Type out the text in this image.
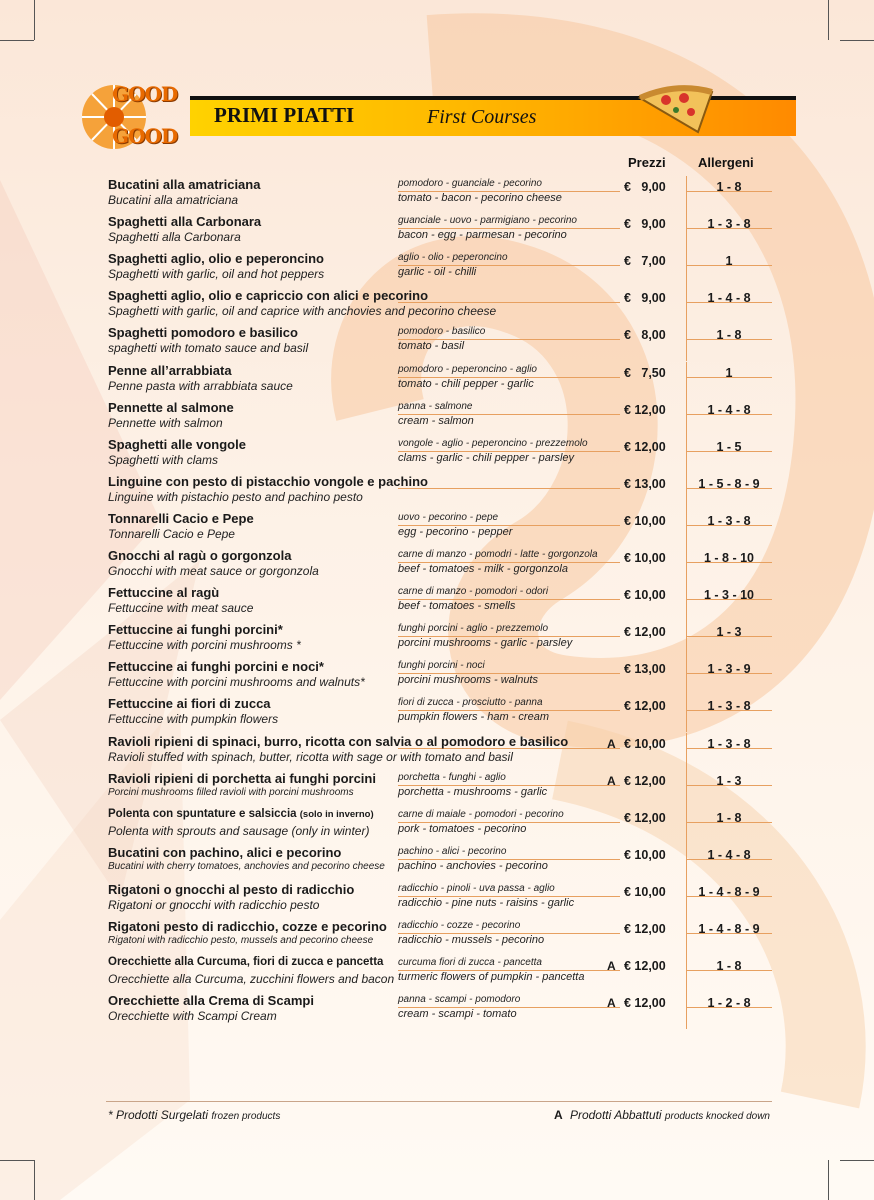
GOOD
GOOD
PRIMI PIATTI	First Courses
Prezzi Allergeni
Bucatini alla amatriciana
Bucatini alla amatriciana
pomodoro - guanciale - pecorino
tomato - bacon - pecorino cheese
€   9,00	1 - 8
Spaghetti alla Carbonara
Spaghetti alla Carbonara
guanciale - uovo - parmigiano - pecorino
bacon - egg - parmesan - pecorino
€   9,00	1 - 3 - 8
Spaghetti aglio, olio e peperoncino
Spaghetti with garlic, oil and hot peppers
aglio - olio - peperoncino
garlic - oil - chilli
€   7,00	1
Spaghetti aglio, olio e capriccio con alici e pecorino
Spaghetti with garlic, oil and caprice with anchovies and pecorino cheese
€   9,00	1 - 4 - 8
Spaghetti pomodoro e basilico
spaghetti with tomato sauce and basil
pomodoro - basilico
tomato - basil
€   8,00	1 - 8
Penne all’arrabbiata
Penne pasta with arrabbiata sauce
pomodoro - peperoncino - aglio
tomato - chili pepper - garlic
€   7,50	1
Pennette al salmone
Pennette with salmon
panna - salmone
cream - salmon
€ 12,00	1 - 4 - 8
Spaghetti alle vongole
Spaghetti with clams
vongole - aglio - peperoncino - prezzemolo
clams - garlic - chili pepper - parsley
€ 12,00	1 - 5
Linguine con pesto di pistacchio vongole e pachino
Linguine with pistachio pesto and pachino pesto
€ 13,00	1 - 5 - 8 - 9
Tonnarelli Cacio e Pepe
Tonnarelli Cacio e Pepe
uovo - pecorino - pepe
egg - pecorino - pepper
€ 10,00	1 - 3 - 8
Gnocchi al ragù o gorgonzola
Gnocchi with meat sauce or gorgonzola
carne di manzo - pomodri - latte - gorgonzola
beef - tomatoes - milk - gorgonzola
€ 10,00	1 - 8 - 10
Fettuccine al ragù
Fettuccine with meat sauce
carne di manzo - pomodori - odori
beef - tomatoes - smells
€ 10,00	1 - 3 - 10
Fettuccine ai funghi porcini*
Fettuccine with porcini mushrooms *
funghi porcini - aglio - prezzemolo
porcini mushrooms - garlic - parsley
€ 12,00	1 - 3
Fettuccine ai funghi porcini e noci*
Fettuccine with porcini mushrooms and walnuts*
funghi porcini - noci
porcini mushrooms - walnuts
€ 13,00	1 - 3 - 9
Fettuccine ai fiori di zucca
Fettuccine with pumpkin flowers
fiori di zucca - prosciutto - panna
pumpkin flowers - ham - cream
€ 12,00	1 - 3 - 8
Ravioli ripieni di spinaci, burro, ricotta con salvia o al pomodoro e basilico
Ravioli stuffed with spinach, butter, ricotta with sage or with tomato and basil
A € 10,00	1 - 3 - 8
Ravioli ripieni di porchetta ai funghi porcini
Porcini mushrooms filled ravioli with porcini mushrooms
porchetta - funghi - aglio
porchetta - mushrooms - garlic
A € 12,00	1 - 3
Polenta con spuntature e salsiccia (solo in inverno)
Polenta with sprouts and sausage (only in winter)
carne di maiale - pomodori - pecorino
pork - tomatoes - pecorino
€ 12,00	1 - 8
Bucatini con pachino, alici e pecorino
Bucatini with cherry tomatoes, anchovies and pecorino cheese
pachino - alici - pecorino
pachino - anchovies - pecorino
€ 10,00	1 - 4 - 8
Rigatoni o gnocchi al pesto di radicchio
Rigatoni or gnocchi with radicchio pesto
radicchio - pinoli - uva passa - aglio
radicchio - pine nuts - raisins - garlic
€ 10,00	1 - 4 - 8 - 9
Rigatoni pesto di radicchio, cozze e pecorino
Rigatoni with radicchio pesto, mussels and pecorino cheese
radicchio - cozze - pecorino
radicchio - mussels - pecorino
€ 12,00	1 - 4 - 8 - 9
Orecchiette alla Curcuma, fiori di zucca e pancetta
Orecchiette alla Curcuma, zucchini flowers and bacon
curcuma fiori di zucca - pancetta
turmeric flowers of pumpkin - pancetta
A € 12,00	1 - 8
Orecchiette alla Crema di Scampi
Orecchiette with Scampi Cream
panna - scampi - pomodoro
cream - scampi - tomato
A € 12,00	1 - 2 - 8
* Prodotti Surgelati frozen products	A Prodotti Abbattuti products knocked down
